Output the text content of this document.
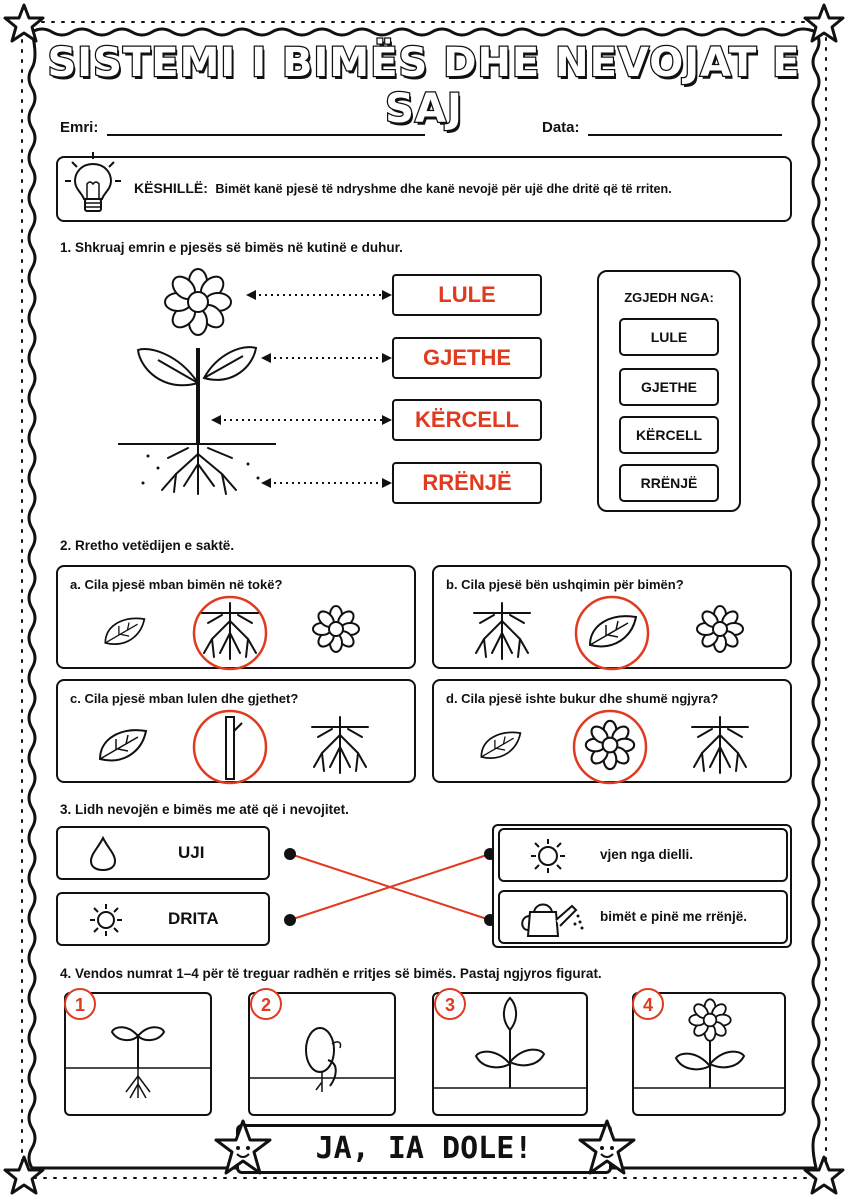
SISTEMI I BIMËS DHE NEVOJAT E SAJ
Emri:	Data:
KËSHILLË: Bimët kanë pjesë të ndryshme dhe kanë nevojë për ujë dhe dritë që të rriten.
1. Shkruaj emrin e pjesës së bimës në kutinë e duhur.
LULE
GJETHE
KËRCELL
RRËNJË
ZGJEDH NGA:
LULE
GJETHE
KËRCELL
RRËNJË
2. Rretho vetëdijen e saktë.
a. Cila pjesë mban bimën në tokë?	b. Cila pjesë bën ushqimin për bimën?
c. Cila pjesë mban lulen dhe gjethet?	d. Cila pjesë ishte bukur dhe shumë ngjyra?
3. Lidh nevojën e bimës me atë që i nevojitet.
UJI
DRITA
vjen nga dielli.
bimët e pinë me rrënjë.
4. Vendos numrat 1–4 për të treguar radhën e rritjes së bimës. Pastaj ngjyros figurat.
1	2	3	4
JA, IA DOLE!
